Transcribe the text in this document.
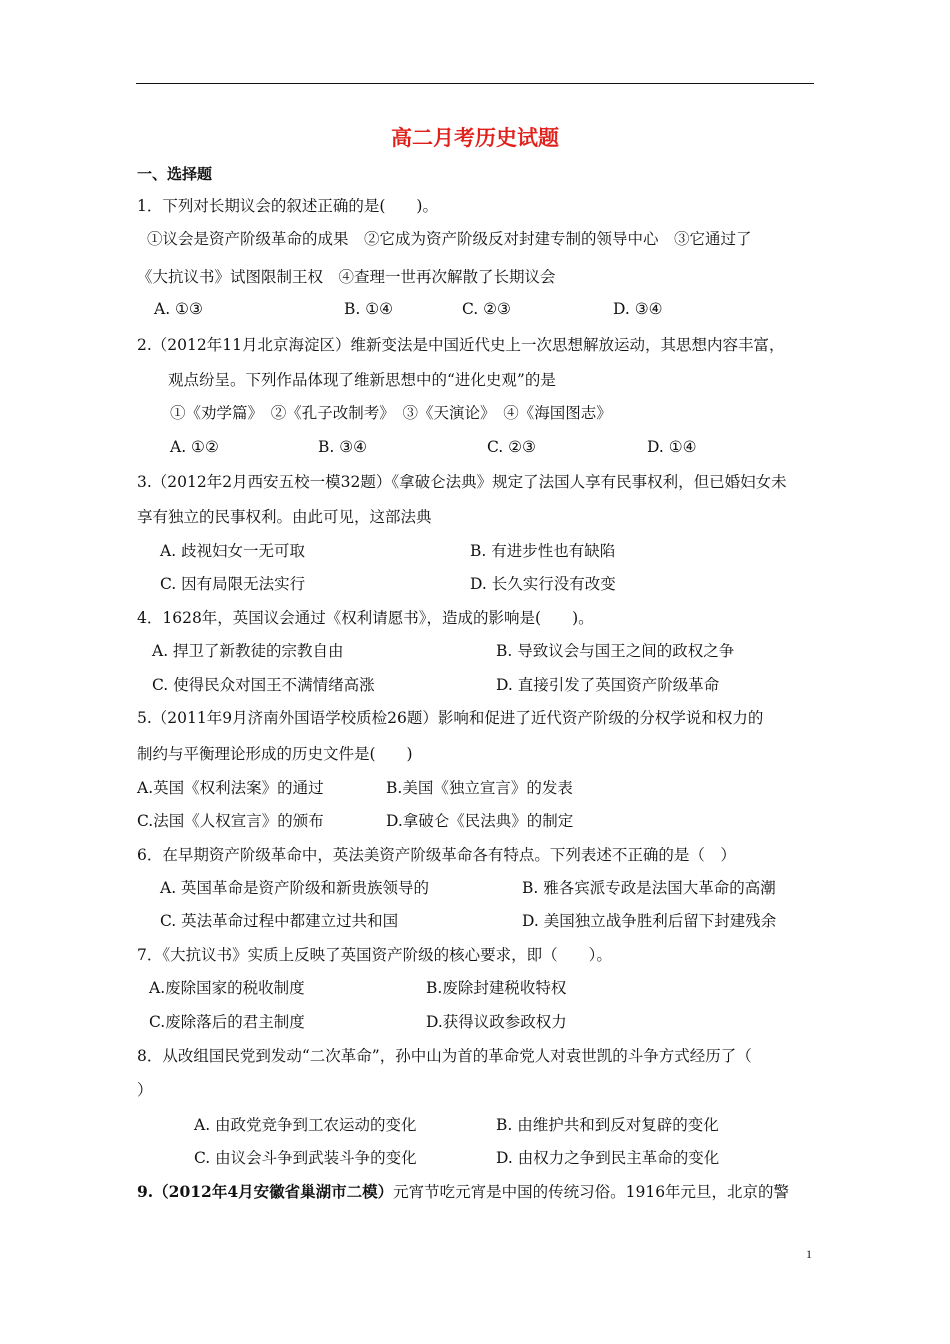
高二月考历史试题
一、选择题
1．下列对长期议会的叙述正确的是(　　)。
①议会是资产阶级革命的成果　②它成为资产阶级反对封建专制的领导中心　③它通过了
《大抗议书》试图限制王权　④查理一世再次解散了长期议会
A. ①③	B. ①④	C. ②③	D. ③④
2.（2012年11月北京海淀区）维新变法是中国近代史上一次思想解放运动，其思想内容丰富，
观点纷呈。下列作品体现了维新思想中的“进化史观”的是
①《劝学篇》　②《孔子改制考》　③《天演论》　④《海国图志》
A. ①②	B. ③④	C. ②③	D. ①④
3.（2012年2月西安五校一模32题）《拿破仑法典》规定了法国人享有民事权利，但已婚妇女未
享有独立的民事权利。由此可见，这部法典
A. 歧视妇女一无可取	B. 有进步性也有缺陷
C. 因有局限无法实行	D. 长久实行没有改变
4．1628年，英国议会通过《权利请愿书》，造成的影响是(　　)。
A. 捍卫了新教徒的宗教自由	B. 导致议会与国王之间的政权之争
C. 使得民众对国王不满情绪高涨	D. 直接引发了英国资产阶级革命
5.（2011年9月济南外国语学校质检26题）影响和促进了近代资产阶级的分权学说和权力的
制约与平衡理论形成的历史文件是(　　)
A.英国《权利法案》的通过	B.美国《独立宣言》的发表
C.法国《人权宣言》的颁布	D.拿破仑《民法典》的制定
6．在早期资产阶级革命中，英法美资产阶级革命各有特点。下列表述不正确的是（　）
A. 英国革命是资产阶级和新贵族领导的	B. 雅各宾派专政是法国大革命的高潮
C. 英法革命过程中都建立过共和国	D. 美国独立战争胜利后留下封建残余
7．《大抗议书》实质上反映了英国资产阶级的核心要求，即（　　）。
A.废除国家的税收制度	B.废除封建税收特权
C.废除落后的君主制度	D.获得议政参政权力
8．从改组国民党到发动“二次革命”，孙中山为首的革命党人对袁世凯的斗争方式经历了（
）
A. 由政党竞争到工农运动的变化	B. 由维护共和到反对复辟的变化
C. 由议会斗争到武装斗争的变化	D. 由权力之争到民主革命的变化
9.（2012年4月安徽省巢湖市二模）元宵节吃元宵是中国的传统习俗。1916年元旦，北京的警
1
